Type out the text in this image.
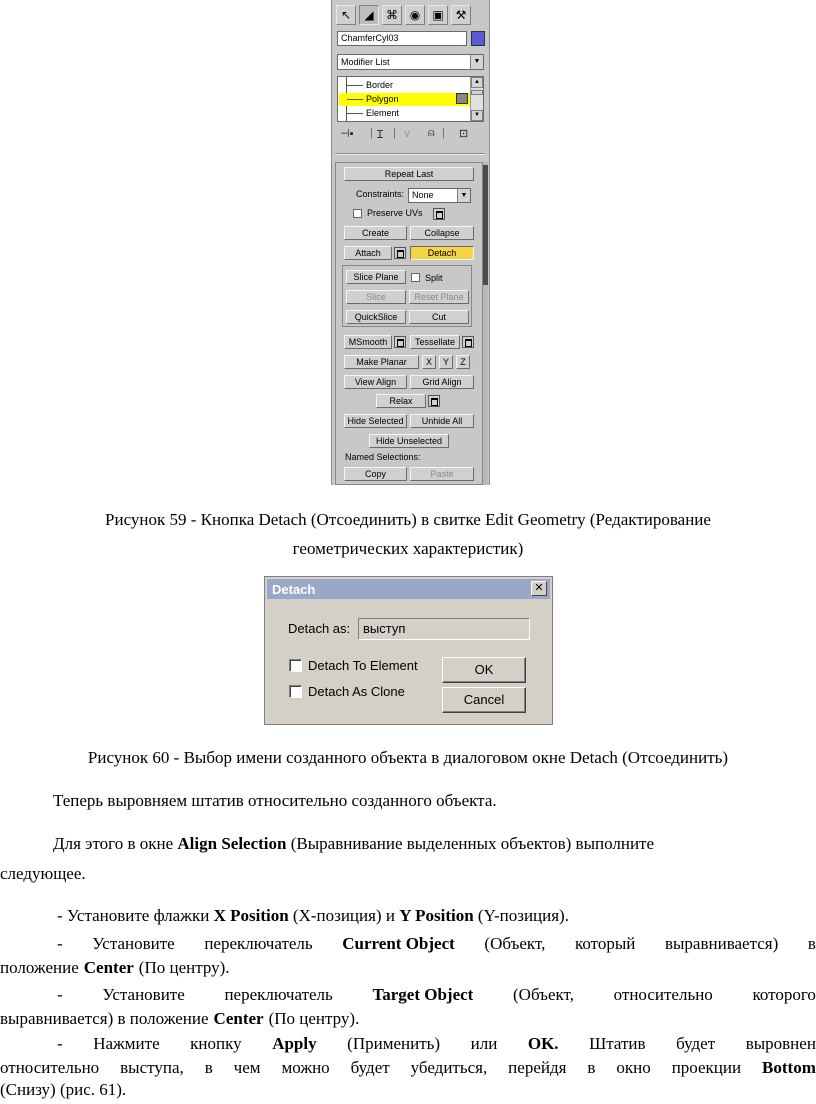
↖	◢	⌘ ◉	▣ ⚒
ChamferCyl03
Modifier List	▼
Border
Polygon
Element
▲
▼
⊣▪ | Ɪ | ∨ ⍝ | ⊡
Repeat Last
Constraints: None	▼
Preserve UVs
Create	Collapse
Attach	Detach
Slice Plane	Split
Slice	Reset Plane
QuickSlice	Cut
MSmooth	Tessellate
Make Planar	X	Y	Z
View Align	Grid Align
Relax
Hide Selected	Unhide All
Hide Unselected
Named Selections:
Copy	Paste
Рисунок 59 - Кнопка Detach (Отсоединить) в свитке Edit Geometry (Редактирование
геометрических характеристик)
Detach	✕
Detach as: выступ
Detach To Element
Detach As Clone
OK
Cancel
Рисунок 60 - Выбор имени созданного объекта в диалоговом окне Detach (Отсоединить)
Теперь выровняем штатив относительно созданного объекта.
Для этого в окне Align Selection (Выравнивание выделенных объектов) выполните
следующее.
- Установите флажки X Position (X-позиция) и Y Position (Y-позиция).
- Установите переключатель Current Object (Объект, который выравнивается) в
положение Center (По центру).
- Установите переключатель Target Object (Объект, относительно которого
выравнивается) в положение Center (По центру).
- Нажмите кнопку Apply (Применить) или OK. Штатив будет выровнен
относительно выступа, в чем можно будет убедиться, перейдя в окно проекции Bottom
(Снизу) (рис. 61).
